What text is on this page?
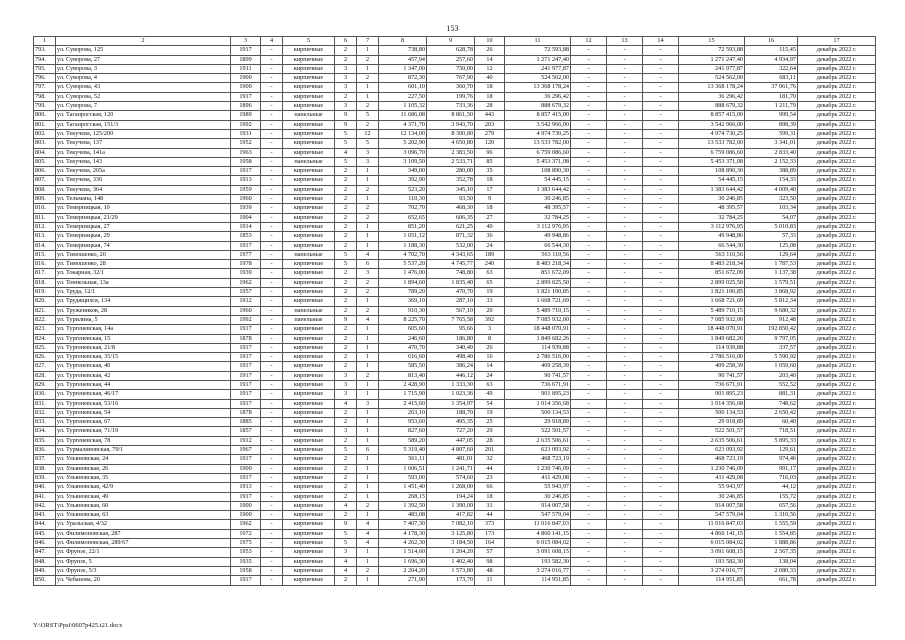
153
1	2	3	4	5	6	7	8	9	10	11	12	13	14	15	16	17
793.	ул. Суворова, 125	1917	-	кирпичные	2	1	738,80	628,78	26	72 593,88	-	-	-	72 593,88	115,45	декабрь 2022 г.
794.	ул. Суворова, 27	1899	-	кирпичные	2	2	457,94	257,60	14	1 271 247,40	-	-	-	1 271 247,40	4 934,97	декабрь 2022 г.
795.	ул. Суворова, 3	1911	-	кирпичные	3	1	1 347,00	750,00	12	241 977,87	-	-	-	241 977,87	322,64	декабрь 2022 г.
796.	ул. Суворова, 4	1900	-	кирпичные	3	2	872,30	767,90	40	524 562,00	-	-	-	524 562,00	683,11	декабрь 2022 г.
797.	ул. Суворова, 43	1900	-	кирпичные	3	1	601,10	360,70	18	13 368 178,24	-	-	-	13 368 178,24	37 061,76	декабрь 2022 г.
798.	ул. Суворова, 52	1917	-	кирпичные	2	1	227,50	199,76	18	36 296,42	-	-	-	36 296,42	181,70	декабрь 2022 г.
799.	ул. Суворова, 7	1896	-	кирпичные	3	2	1 105,32	733,36	28	888 679,32	-	-	-	888 679,32	1 211,79	декабрь 2022 г.
800.	ул. Таганрогская, 120	1989	-	панельные	9	5	11 686,08	8 861,50	443	8 857 415,00	-	-	-	8 857 415,00	999,54	декабрь 2022 г.
801.	ул. Таганрогская, 151/3	1992	-	кирпичные	9	2	4 371,70	3 943,70	203	3 542 966,00	-	-	-	3 542 966,00	898,39	декабрь 2022 г.
802.	ул. Текучева, 125/200	1931	-	кирпичные	5	12	12 134,00	8 300,80	279	4 974 730,25	-	-	-	4 974 730,25	599,31	декабрь 2022 г.
803.	ул. Текучева, 137	1952	-	кирпичные	5	5	5 202,90	4 650,80	120	13 533 782,00	-	-	-	13 533 782,00	3 341,01	декабрь 2022 г.
804.	ул. Текучева, 141а	1963	-	кирпичные	4	3	3 096,70	2 383,50	96	6 759 086,60	-	-	-	6 759 086,60	2 833,40	декабрь 2022 г.
805.	ул. Текучева, 143	1958	-	панельные	5	3	3 109,50	2 533,71	85	5 453 371,08	-	-	-	5 453 371,08	2 152,33	декабрь 2022 г.
806.	ул. Текучева, 205а	1917	-	кирпичные	2	1	349,00	280,00	35	108 890,30	-	-	-	108 890,30	388,89	декабрь 2022 г.
807.	ул. Текучева, 336	1913	-	кирпичные	2	1	392,90	352,78	18	54 445,15	-	-	-	54 445,15	154,33	декабрь 2022 г.
808.	ул. Текучева, 364	1959	-	кирпичные	2	2	523,20	345,10	17	1 383 644,42	-	-	-	1 383 644,42	4 009,40	декабрь 2022 г.
809.	ул. Тельмана, 148	1960	-	кирпичные	2	1	110,30	93,50	9	30 246,85	-	-	-	30 246,85	323,50	декабрь 2022 г.
810.	ул. Темерницкая, 10	1939	-	кирпичные	2	2	702,70	468,30	18	48 395,57	-	-	-	48 395,57	103,34	декабрь 2022 г.
811.	ул. Темерницкая, 21/29	1904	-	кирпичные	2	2	652,65	606,35	27	32 784,25	-	-	-	32 784,25	54,07	декабрь 2022 г.
812.	ул. Темерницкая, 27	1914	-	кирпичные	2	1	851,20	621,25	40	3 112 976,95	-	-	-	3 112 976,95	5 010,83	декабрь 2022 г.
813.	ул. Темерницкая, 29	1853	-	кирпичные	2	1	1 051,12	871,32	36	49 948,86	-	-	-	49 948,86	57,33	декабрь 2022 г.
814.	ул. Темерницкая, 74	1917	-	кирпичные	2	1	1 188,30	532,00	24	66 544,30	-	-	-	66 544,30	125,08	декабрь 2022 г.
815.	ул. Тимошенко, 20	1977	-	панельные	5	4	4 702,70	4 343,65	189	563 110,56	-	-	-	563 110,56	129,64	декабрь 2022 г.
816.	ул. Тимошенко, 28	1978	-	кирпичные	5	6	5 537,20	4 745,77	240	8 483 218,34	-	-	-	8 483 218,34	1 787,53	декабрь 2022 г.
817.	ул. Токарная, 32/1	1939	-	кирпичные	2	3	1 476,00	748,80	63	851 672,09	-	-	-	851 672,09	1 137,38	декабрь 2022 г.
818.	ул. Тоннельная, 13а	1962	-	кирпичные	2	2	1 894,60	1 835,40	65	2 899 025,50	-	-	-	2 899 025,50	1 579,51	декабрь 2022 г.
819.	ул. Труда, 12/1	1957	-	кирпичные	2	2	789,20	470,70	19	1 821 100,85	-	-	-	1 821 100,85	3 868,92	декабрь 2022 г.
820.	ул. Трудящихся, 134	1912	-	кирпичные	2	1	369,10	287,10	33	1 668 721,69	-	-	-	1 668 721,69	5 812,34	декабрь 2022 г.
821.	ул. Тружеников, 28	1960	-	панельные	2	2	910,30	567,10	20	5 489 710,15	-	-	-	5 489 710,15	9 680,32	декабрь 2022 г.
822.	ул. Турилина, 5	1992	-	панельные	9	4	8 225,70	7 765,58	392	7 085 932,00	-	-	-	7 085 932,00	912,48	декабрь 2022 г.
823.	ул. Тургеневская, 14а	1917	-	кирпичные	2	1	605,60	95,66	3	18 448 070,91	-	-	-	18 448 070,91	192 850,42	декабрь 2022 г.
824.	ул. Тургеневская, 15	1878	-	кирпичные	2	1	246,60	186,80	8	1 849 682,26	-	-	-	1 849 682,26	9 797,05	декабрь 2022 г.
825.	ул. Тургеневская, 21/8	1917	-	кирпичные	2	1	470,70	340,49	26	114 939,88	-	-	-	114 939,88	337,57	декабрь 2022 г.
826.	ул. Тургеневская, 35/15	1917	-	кирпичные	2	1	616,60	498,40	16	2 786 516,00	-	-	-	2 786 516,00	5 590,92	декабрь 2022 г.
827.	ул. Тургеневская, 40	1917	-	кирпичные	2	1	585,50	386,24	14	409 258,39	-	-	-	409 258,39	1 059,60	декабрь 2022 г.
828.	ул. Тургеневская, 42	1917	-	кирпичные	3	2	813,40	446,12	24	90 741,57	-	-	-	90 741,57	203,40	декабрь 2022 г.
829.	ул. Тургеневская, 44	1917	-	кирпичные	3	1	2 428,90	1 333,30	63	736 671,91	-	-	-	736 671,91	552,52	декабрь 2022 г.
830.	ул. Тургеневская, 46/17	1917	-	кирпичные	3	1	1 715,90	1 023,36	49	901 895,23	-	-	-	901 895,23	881,31	декабрь 2022 г.
831.	ул. Тургеневская, 53/16	1917	-	кирпичные	4	3	2 415,60	1 354,97	54	1 014 356,68	-	-	-	1 014 356,68	748,62	декабрь 2022 г.
832.	ул. Тургеневская, 54	1878	-	кирпичные	2	1	263,10	188,70	19	500 134,53	-	-	-	500 134,53	2 650,42	декабрь 2022 г.
833.	ул. Тургеневская, 67	1885	-	кирпичные	2	1	953,60	495,35	25	29 918,89	-	-	-	29 918,89	60,40	декабрь 2022 г.
834.	ул. Тургеневская, 71/19	1857	-	кирпичные	3	1	827,60	727,20	29	522 501,57	-	-	-	522 501,57	718,51	декабрь 2022 г.
835.	ул. Тургеневская, 78	1912	-	кирпичные	2	1	589,20	447,05	28	2 635 506,61	-	-	-	2 635 506,61	5 895,33	декабрь 2022 г.
836.	ул. Турмалиновская, 79/1	1967	-	кирпичные	5	6	5 319,40	4 807,60	201	623 093,92	-	-	-	623 093,92	129,61	декабрь 2022 г.
837.	ул. Ульяновская, 24	1917	-	кирпичные	2	1	561,11	481,01	32	468 723,19	-	-	-	468 723,19	974,46	декабрь 2022 г.
838.	ул. Ульяновская, 26	1900	-	кирпичные	2	1	1 606,51	1 241,71	44	1 230 746,09	-	-	-	1 230 746,09	991,17	декабрь 2022 г.
839.	ул. Ульяновская, 35	1917	-	кирпичные	2	1	593,00	574,60	23	411 429,08	-	-	-	411 429,08	716,03	декабрь 2022 г.
840.	ул. Ульяновская, 42/9	1913	-	кирпичные	2	1	1 451,40	1 268,00	66	55 943,97	-	-	-	55 943,97	44,12	декабрь 2022 г.
841.	ул. Ульяновская, 49	1917	-	кирпичные	2	1	268,15	194,24	18	30 246,85	-	-	-	30 246,85	155,72	декабрь 2022 г.
842.	ул. Ульяновская, 60	1900	-	кирпичные	4	2	1 392,50	1 390,00	31	914 007,58	-	-	-	914 007,58	657,56	декабрь 2022 г.
843.	ул. Ульяновская, 63	1900	-	кирпичные	2	1	483,08	417,82	44	547 579,04	-	-	-	547 579,04	1 310,56	декабрь 2022 г.
844.	ул. Уральская, 4/32	1962	-	кирпичные	9	4	7 407,30	7 082,10	373	11 016 847,03	-	-	-	11 016 847,03	1 555,59	декабрь 2022 г.
845.	ул. Филимоновская, 287	1972	-	кирпичные	5	4	4 178,30	3 125,80	173	4 860 141,15	-	-	-	4 860 141,15	1 554,85	декабрь 2022 г.
846.	ул. Филимоновская, 289/67	1975	-	кирпичные	5	4	4 262,30	3 184,50	164	6 015 084,02	-	-	-	6 015 084,02	1 888,86	декабрь 2022 г.
847.	ул. Фрунзе, 22/1	1953	-	кирпичные	3	1	1 514,60	1 204,20	57	3 091 608,15	-	-	-	3 091 608,15	2 567,35	декабрь 2022 г.
848.	ул. Фрунзе, 5	1935	-	кирпичные	4	1	1 696,30	1 402,40	98	193 582,30	-	-	-	193 582,30	138,04	декабрь 2022 г.
849.	ул. Фрунзе, 5/3	1958	-	кирпичные	4	2	2 204,20	1 573,80	48	3 274 016,77	-	-	-	3 274 016,77	2 080,33	декабрь 2022 г.
850.	ул. Чебанова, 20	1917	-	кирпичные	2	1	271,90	173,70	11	114 951,85	-	-	-	114 951,85	661,78	декабрь 2022 г.
Y:\ORST\Ppsi\0607p425.t21.docx
